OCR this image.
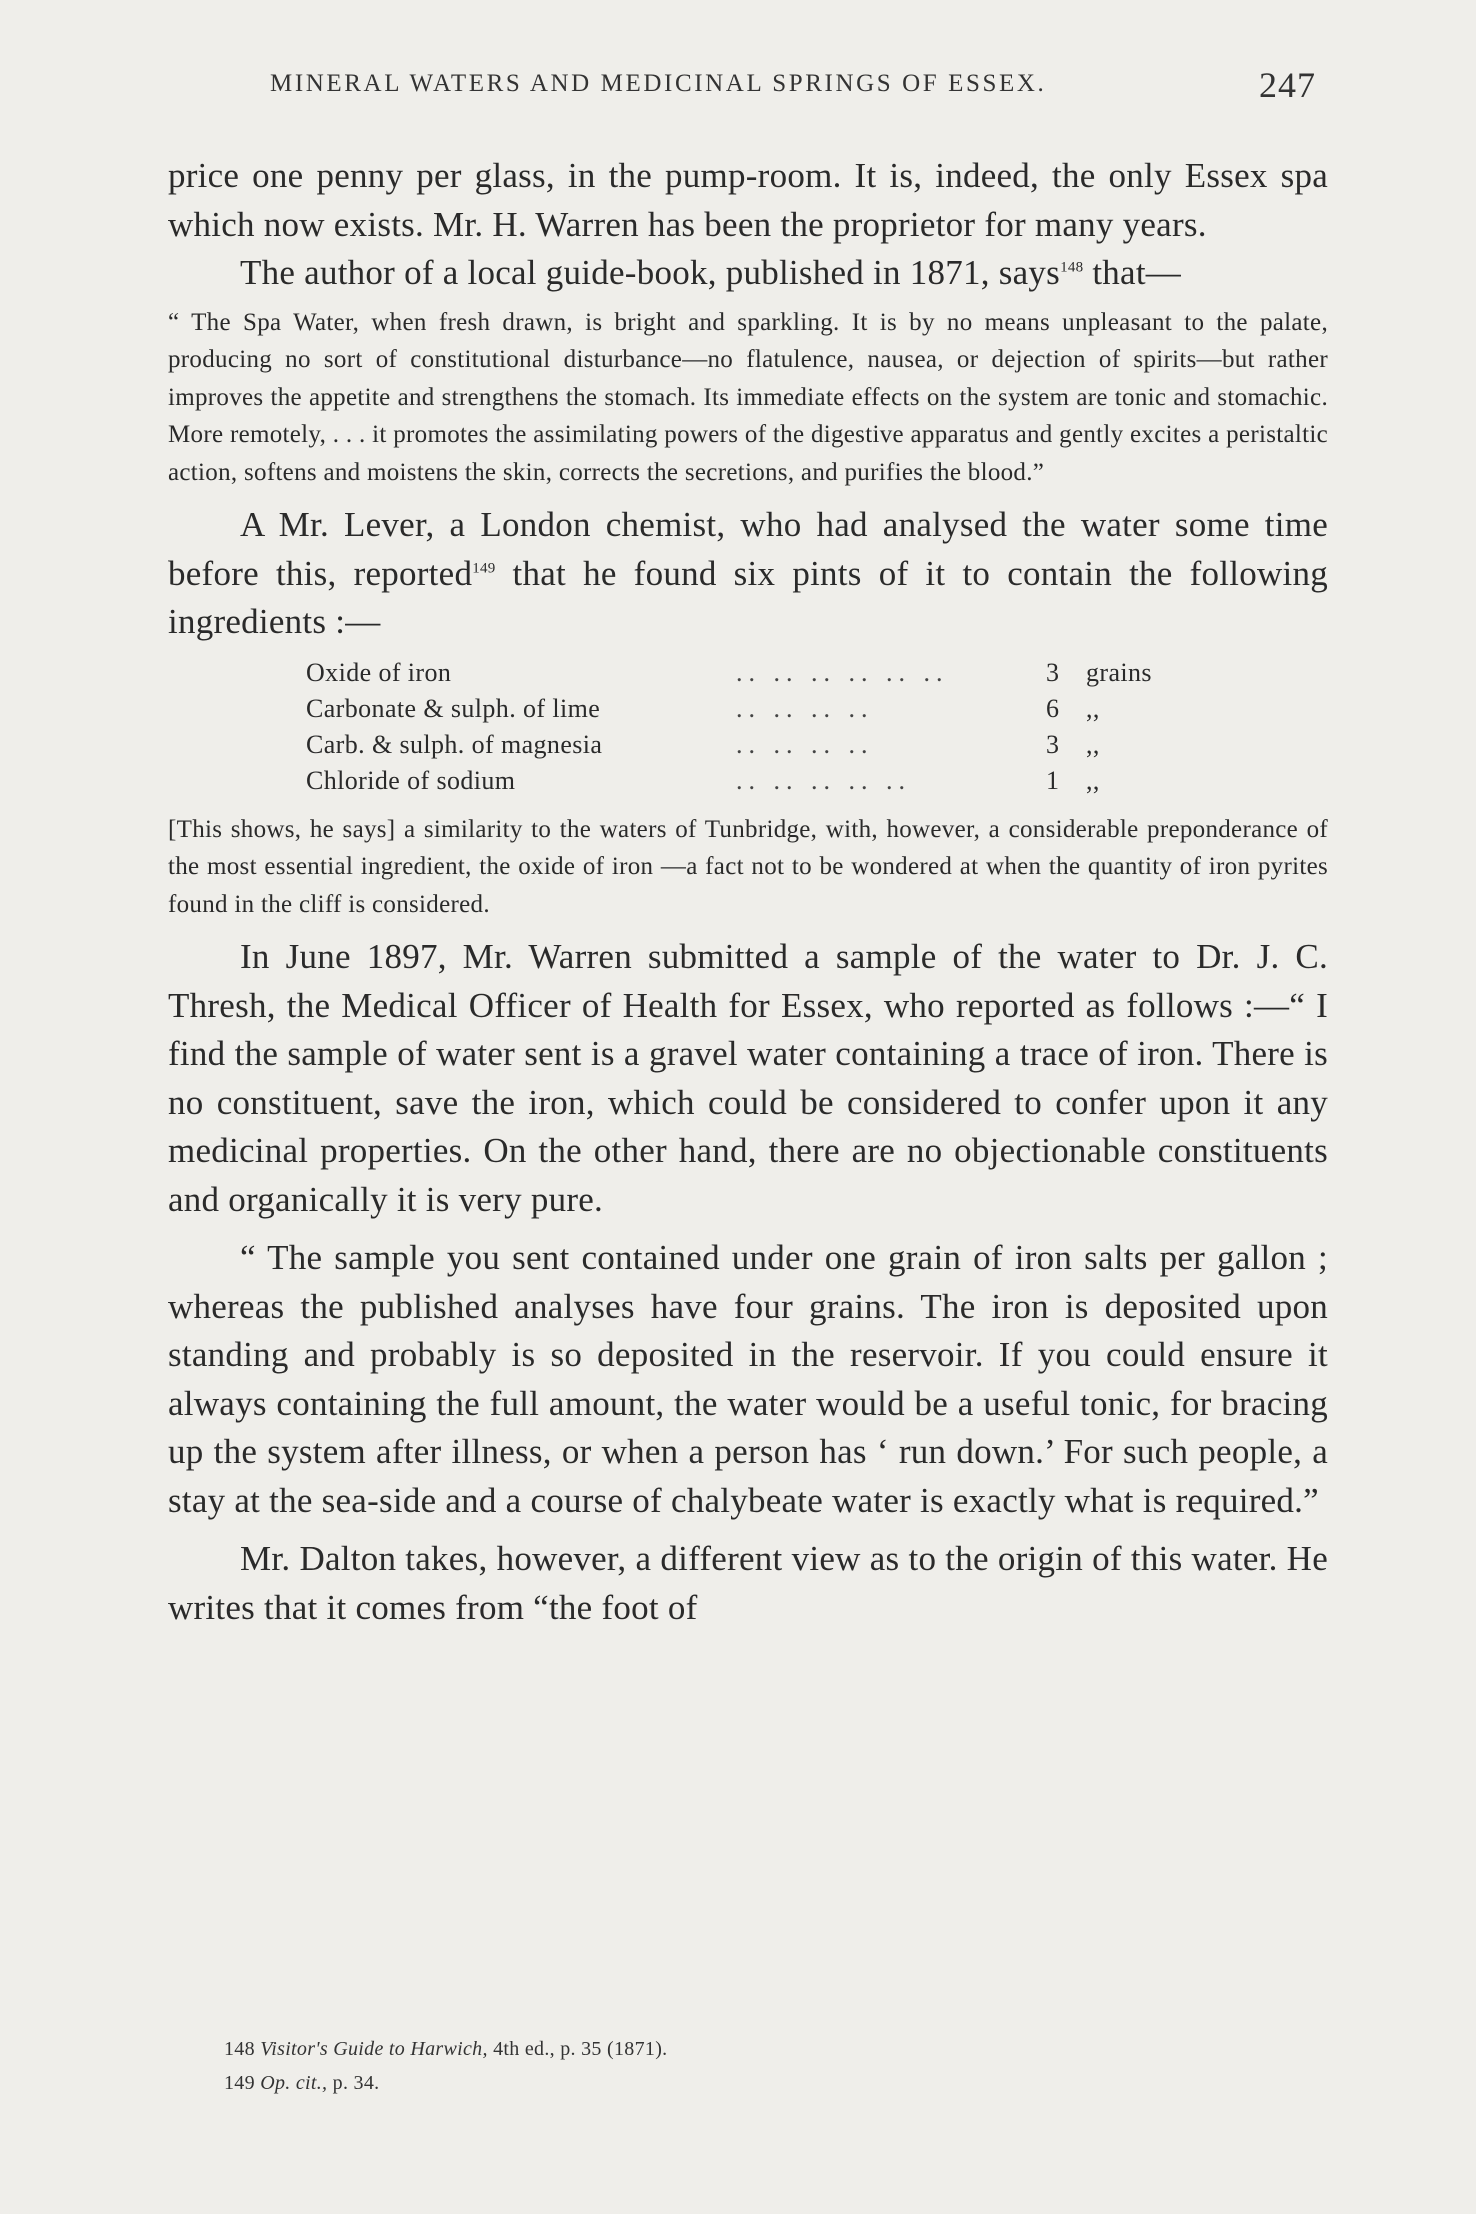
MINERAL WATERS AND MEDICINAL SPRINGS OF ESSEX.	247

price one penny per glass, in the pump-room. It is, indeed, the only Essex spa which now exists. Mr. H. Warren has been the proprietor for many years.

The author of a local guide-book, published in 1871, says$^{148}$ that—

“ The Spa Water, when fresh drawn, is bright and sparkling. It is by no means unpleasant to the palate, producing no sort of constitutional disturbance—no flatulence, nausea, or dejection of spirits—but rather improves the appetite and strengthens the stomach. Its immediate effects on the system are tonic and stomachic. More remotely, . . . it promotes the assimilating powers of the digestive apparatus and gently excites a peristaltic action, softens and moistens the skin, corrects the secretions, and purifies the blood.”

A Mr. Lever, a London chemist, who had analysed the water some time before this, reported$^{149}$ that he found six pints of it to contain the following ingredients :—

Oxide of iron	.. .. .. .. .. ..	3	grains
Carbonate & sulph. of lime	.. .. .. ..	6	,,
Carb. & sulph. of magnesia	.. .. .. ..	3	,,
Chloride of sodium	.. .. .. .. ..	1	,,

[This shows, he says] a similarity to the waters of Tunbridge, with, however, a considerable preponderance of the most essential ingredient, the oxide of iron —a fact not to be wondered at when the quantity of iron pyrites found in the cliff is considered.

In June 1897, Mr. Warren submitted a sample of the water to Dr. J. C. Thresh, the Medical Officer of Health for Essex, who reported as follows :—“ I find the sample of water sent is a gravel water containing a trace of iron. There is no constituent, save the iron, which could be considered to confer upon it any medicinal properties. On the other hand, there are no objectionable constituents and organically it is very pure.

“ The sample you sent contained under one grain of iron salts per gallon ; whereas the published analyses have four grains. The iron is deposited upon standing and probably is so deposited in the reservoir. If you could ensure it always containing the full amount, the water would be a useful tonic, for bracing up the system after illness, or when a person has ‘ run down.’ For such people, a stay at the sea-side and a course of chalybeate water is exactly what is required.”

Mr. Dalton takes, however, a different view as to the origin of this water. He writes that it comes from “the foot of

148 Visitor's Guide to Harwich, 4th ed., p. 35 (1871).
149 Op. cit., p. 34.
